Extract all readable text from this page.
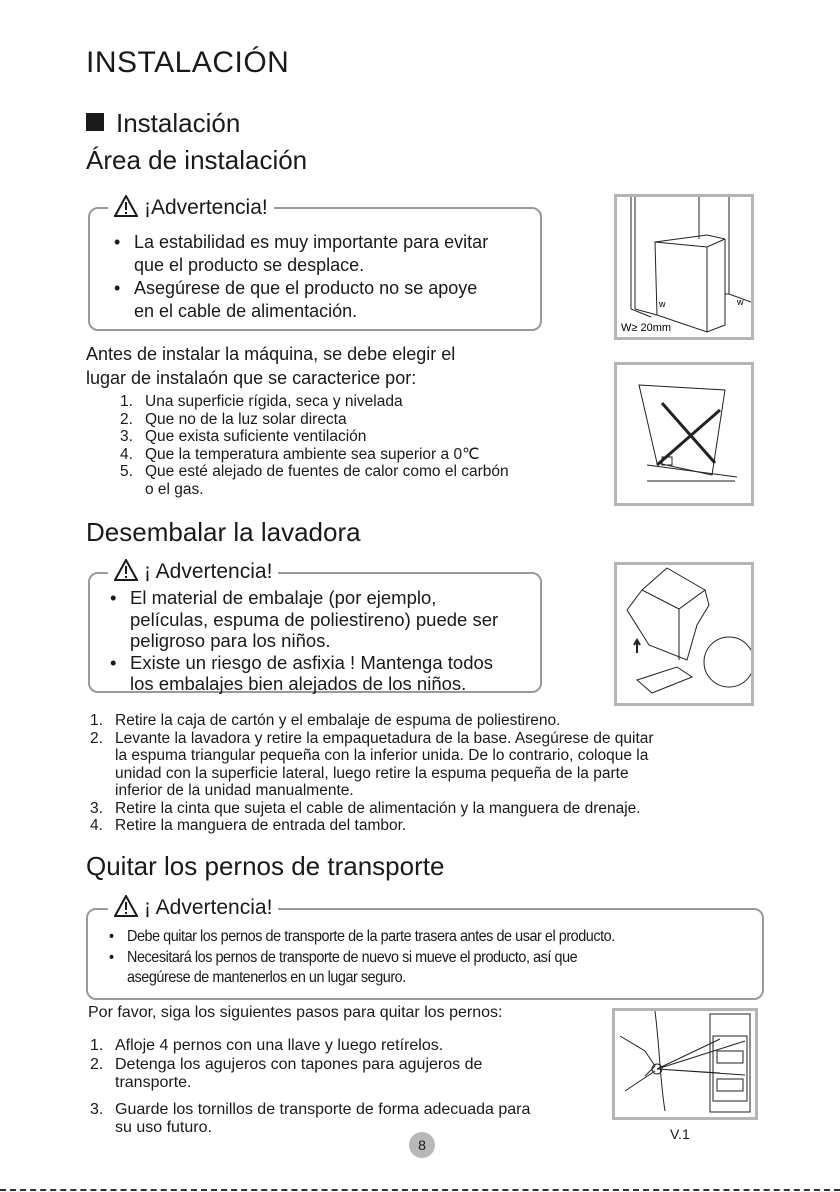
INSTALACIÓN
Instalación
Área de instalación
¡Advertencia!
• La estabilidad es muy importante para evitar
que el producto se desplace.
• Asegúrese de que el producto no se apoye
en el cable de alimentación.
Antes de instalar la máquina, se debe elegir el
lugar de instalaón que se caracterice por:
1. Una superficie rígida, seca y nivelada
2. Que no de la luz solar directa
3. Que exista suficiente ventilación
4. Que la temperatura ambiente sea superior a 0℃
5. Que esté alejado de fuentes de calor como el carbón
o el gas.
w	w
W≥ 20mm
Desembalar la lavadora
¡ Advertencia!
• El material de embalaje (por ejemplo,
películas, espuma de poliestireno) puede ser
peligroso para los niños.
• Existe un riesgo de asfixia ! Mantenga todos
los embalajes bien alejados de los niños.
1. Retire la caja de cartón y el embalaje de espuma de poliestireno.
2. Levante la lavadora y retire la empaquetadura de la base. Asegúrese de quitar
la espuma triangular pequeña con la inferior unida. De lo contrario, coloque la
unidad con la superficie lateral, luego retire la espuma pequeña de la parte
inferior de la unidad manualmente.
3. Retire la cinta que sujeta el cable de alimentación y la manguera de drenaje.
4. Retire la manguera de entrada del tambor.
Quitar los pernos de transporte
¡ Advertencia!
• Debe quitar los pernos de transporte de la parte trasera antes de usar el producto.
• Necesitará los pernos de transporte de nuevo si mueve el producto, así que
asegúrese de mantenerlos en un lugar seguro.
Por favor, siga los siguientes pasos para quitar los pernos:
1. Afloje 4 pernos con una llave y luego retírelos.
2. Detenga los agujeros con tapones para agujeros de
transporte.
3. Guarde los tornillos de transporte de forma adecuada para
su uso futuro.	V.1
8
